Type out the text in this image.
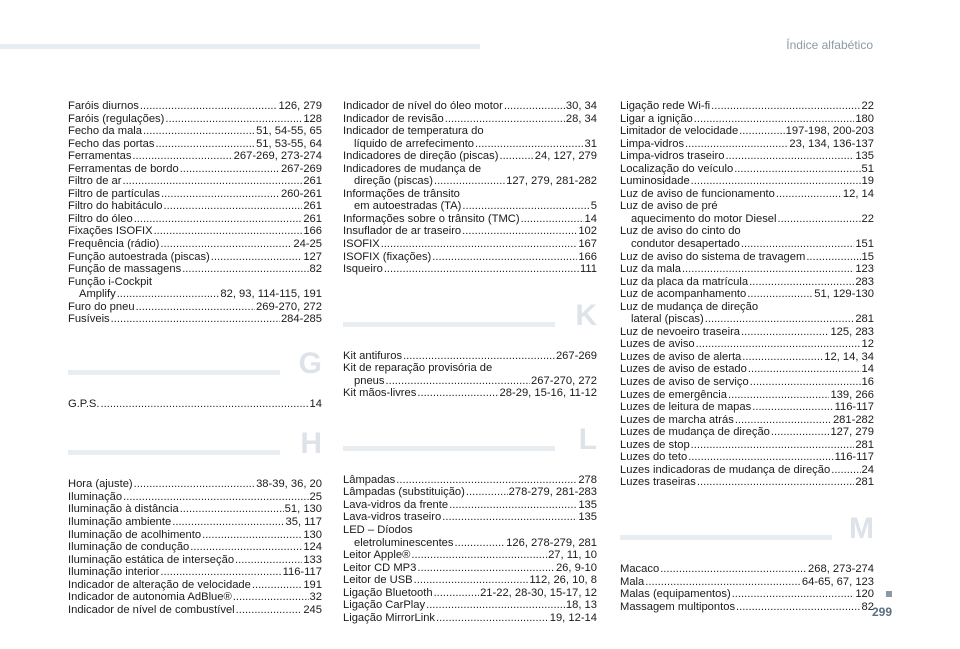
Índice alfabético
Faróis diurnos .....	126, 279
Faróis (regulações) .....	128
Fecho da mala .....	51, 54-55, 65
Fecho das portas .....	51, 53-55, 64
Ferramentas .....	267-269, 273-274
Ferramentas de bordo .....	267-269
Filtro de ar .....	261
Filtro de partículas .....	260-261
Filtro do habitáculo .....	261
Filtro do óleo .....	261
Fixações ISOFIX .....	166
Frequência (rádio) .....	24-25
Função autoestrada (piscas) .....	127
Função de massagens .....	82
Função i-Cockpit
Amplify .....	82, 93, 114-115, 191
Furo do pneu .....	269-270, 272
Fusíveis .....	284-285
G
G.P.S. .....	14
H
Hora (ajuste) .....	38-39, 36, 20
Iluminação .....	25
Iluminação à distância .....	51, 130
Iluminação ambiente .....	35, 117
Iluminação de acolhimento .....	130
Iluminação de condução .....	124
Iluminação estática de interseção .....	133
Iluminação interior .....	116-117
Indicador de alteração de velocidade .....	191
Indicador de autonomia AdBlue® .....	32
Indicador de nível de combustível .....	245
Indicador de nível do óleo motor .....	30, 34
Indicador de revisão .....	28, 34
Indicador de temperatura do
líquido de arrefecimento .....	31
Indicadores de direção (piscas) .....	24, 127, 279
Indicadores de mudança de
direção (piscas) .....	127, 279, 281-282
Informações de trânsito
em autoestradas (TA) .....	5
Informações sobre o trânsito (TMC) .....	14
Insuflador de ar traseiro .....	102
ISOFIX .....	167
ISOFIX (fixações) .....	166
Isqueiro .....	111
K
Kit antifuros .....	267-269
Kit de reparação provisória de
pneus .....	267-270, 272
Kit mãos-livres .....	28-29, 15-16, 11-12
L
Lâmpadas .....	278
Lâmpadas (substituição) .....	278-279, 281-283
Lava-vidros da frente .....	135
Lava-vidros traseiro .....	135
LED – Díodos
eletroluminescentes .....	126, 278-279, 281
Leitor Apple® .....	27, 11, 10
Leitor CD MP3 .....	26, 9-10
Leitor de USB .....	112, 26, 10, 8
Ligação Bluetooth .....	21-22, 28-30, 15-17, 12
Ligação CarPlay .....	18, 13
Ligação MirrorLink .....	19, 12-14
Ligação rede Wi-fi .....	22
Ligar a ignição .....	180
Limitador de velocidade .....	197-198, 200-203
Limpa-vidros .....	23, 134, 136-137
Limpa-vidros traseiro .....	135
Localização do veículo .....	51
Luminosidade .....	19
Luz de aviso de funcionamento .....	12, 14
Luz de aviso de pré
aquecimento do motor Diesel .....	22
Luz de aviso do cinto do
condutor desapertado .....	151
Luz de aviso do sistema de travagem .....	15
Luz da mala .....	123
Luz da placa da matrícula .....	283
Luz de acompanhamento .....	51, 129-130
Luz de mudança de direção
lateral (piscas) .....	281
Luz de nevoeiro traseira .....	125, 283
Luzes de aviso .....	12
Luzes de aviso de alerta .....	12, 14, 34
Luzes de aviso de estado .....	14
Luzes de aviso de serviço .....	16
Luzes de emergência .....	139, 266
Luzes de leitura de mapas .....	116-117
Luzes de marcha atrás .....	281-282
Luzes de mudança de direção .....	127, 279
Luzes de stop .....	281
Luzes do teto .....	116-117
Luzes indicadoras de mudança de direção .....	24
Luzes traseiras .....	281
M
Macaco .....	268, 273-274
Mala .....	64-65, 67, 123
Malas (equipamentos) .....	120
Massagem multipontos .....	82
299
